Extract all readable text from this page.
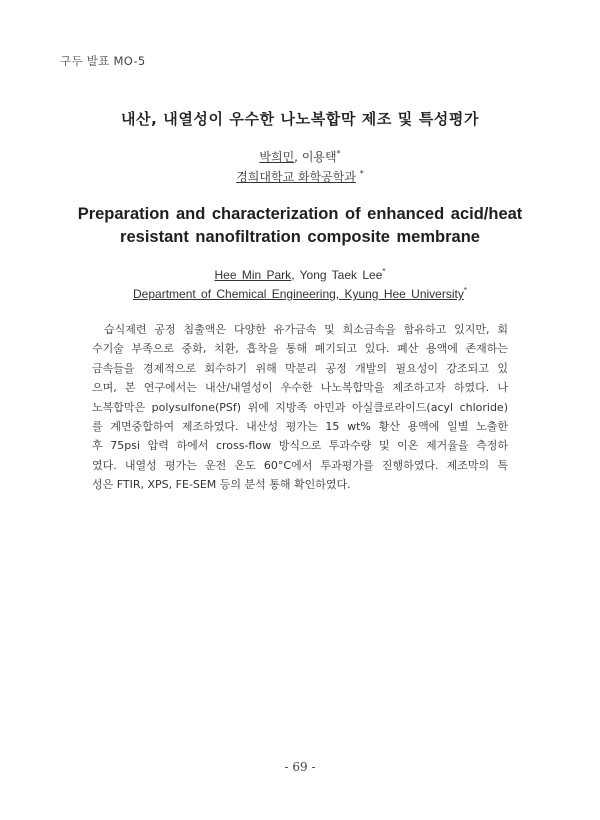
구두 발표 MO-5
내산, 내열성이 우수한 나노복합막 제조 및 특성평가
박희민, 이용택*
경희대학교 화학공학과 *
Preparation and characterization of enhanced acid/heat
resistant nanofiltration composite membrane
Hee Min Park, Yong Taek Lee*
Department of Chemical Engineering, Kyung Hee University*
습식제련 공정 침출액은 다양한 유가금속 및 희소금속을 함유하고 있지만, 회
수기술 부족으로 중화, 치환, 흡착을 통해 폐기되고 있다. 폐산 용액에 존재하는
금속들을 경제적으로 회수하기 위해 막분리 공정 개발의 필요성이 강조되고 있
으며, 본 연구에서는 내산/내열성이 우수한 나노복합막을 제조하고자 하였다. 나
노복합막은 polysulfone(PSf) 위에 지방족 아민과 아실클로라이드(acyl chloride)
를 계면중합하여 제조하였다. 내산성 평가는 15 wt% 황산 용액에 일별 노출한
후 75psi 압력 하에서 cross-flow 방식으로 투과수량 및 이온 제거율을 측정하
였다. 내열성 평가는 운전 온도 60°C에서 투과평가를 진행하였다. 제조막의 특
성은 FTIR, XPS, FE-SEM 등의 분석 통해 확인하였다.
- 69 -
